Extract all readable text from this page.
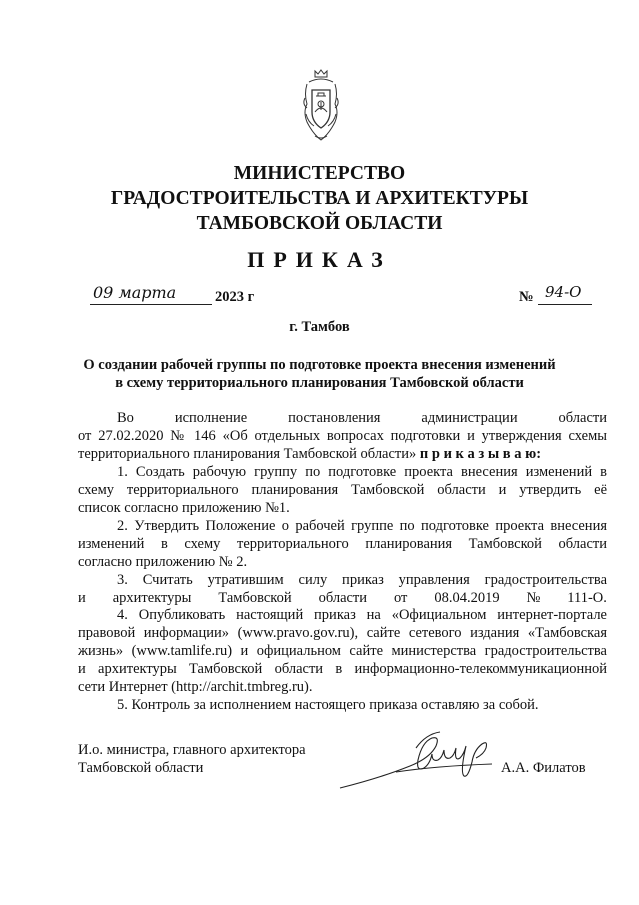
МИНИСТЕРСТВО
ГРАДОСТРОИТЕЛЬСТВА И АРХИТЕКТУРЫ
ТАМБОВСКОЙ ОБЛАСТИ
ПРИКАЗ
09 марта	2023 г	№ 94-О
г. Тамбов
О создании рабочей группы по подготовке проекта внесения изменений
в схему территориального планирования Тамбовской области
Во	исполнение	постановления	администрации	области
от 27.02.2020 № 146 «Об отдельных вопросах подготовки и утверждения схемы
территориального планирования Тамбовской области» п р и к а з ы в а ю:
1. Создать рабочую группу по подготовке проекта внесения изменений в
схему территориального планирования Тамбовской области и утвердить её
список согласно приложению №1.
2. Утвердить Положение о рабочей группе по подготовке проекта внесения
изменений в схему территориального планирования Тамбовской области
согласно приложению № 2.
3. Считать утратившим силу приказ управления градостроительства
и архитектуры Тамбовской области от 08.04.2019 № 111-О.
4. Опубликовать настоящий приказ на «Официальном интернет-портале
правовой информации» (www.pravo.gov.ru), сайте сетевого издания «Тамбовская
жизнь» (www.tamlife.ru) и официальном сайте министерства градостроительства
и архитектуры Тамбовской области в информационно-телекоммуникационной
сети Интернет (http://archit.tmbreg.ru).
5. Контроль за исполнением настоящего приказа оставляю за собой.
И.о. министра, главного архитектора
Тамбовской области	А.А. Филатов
